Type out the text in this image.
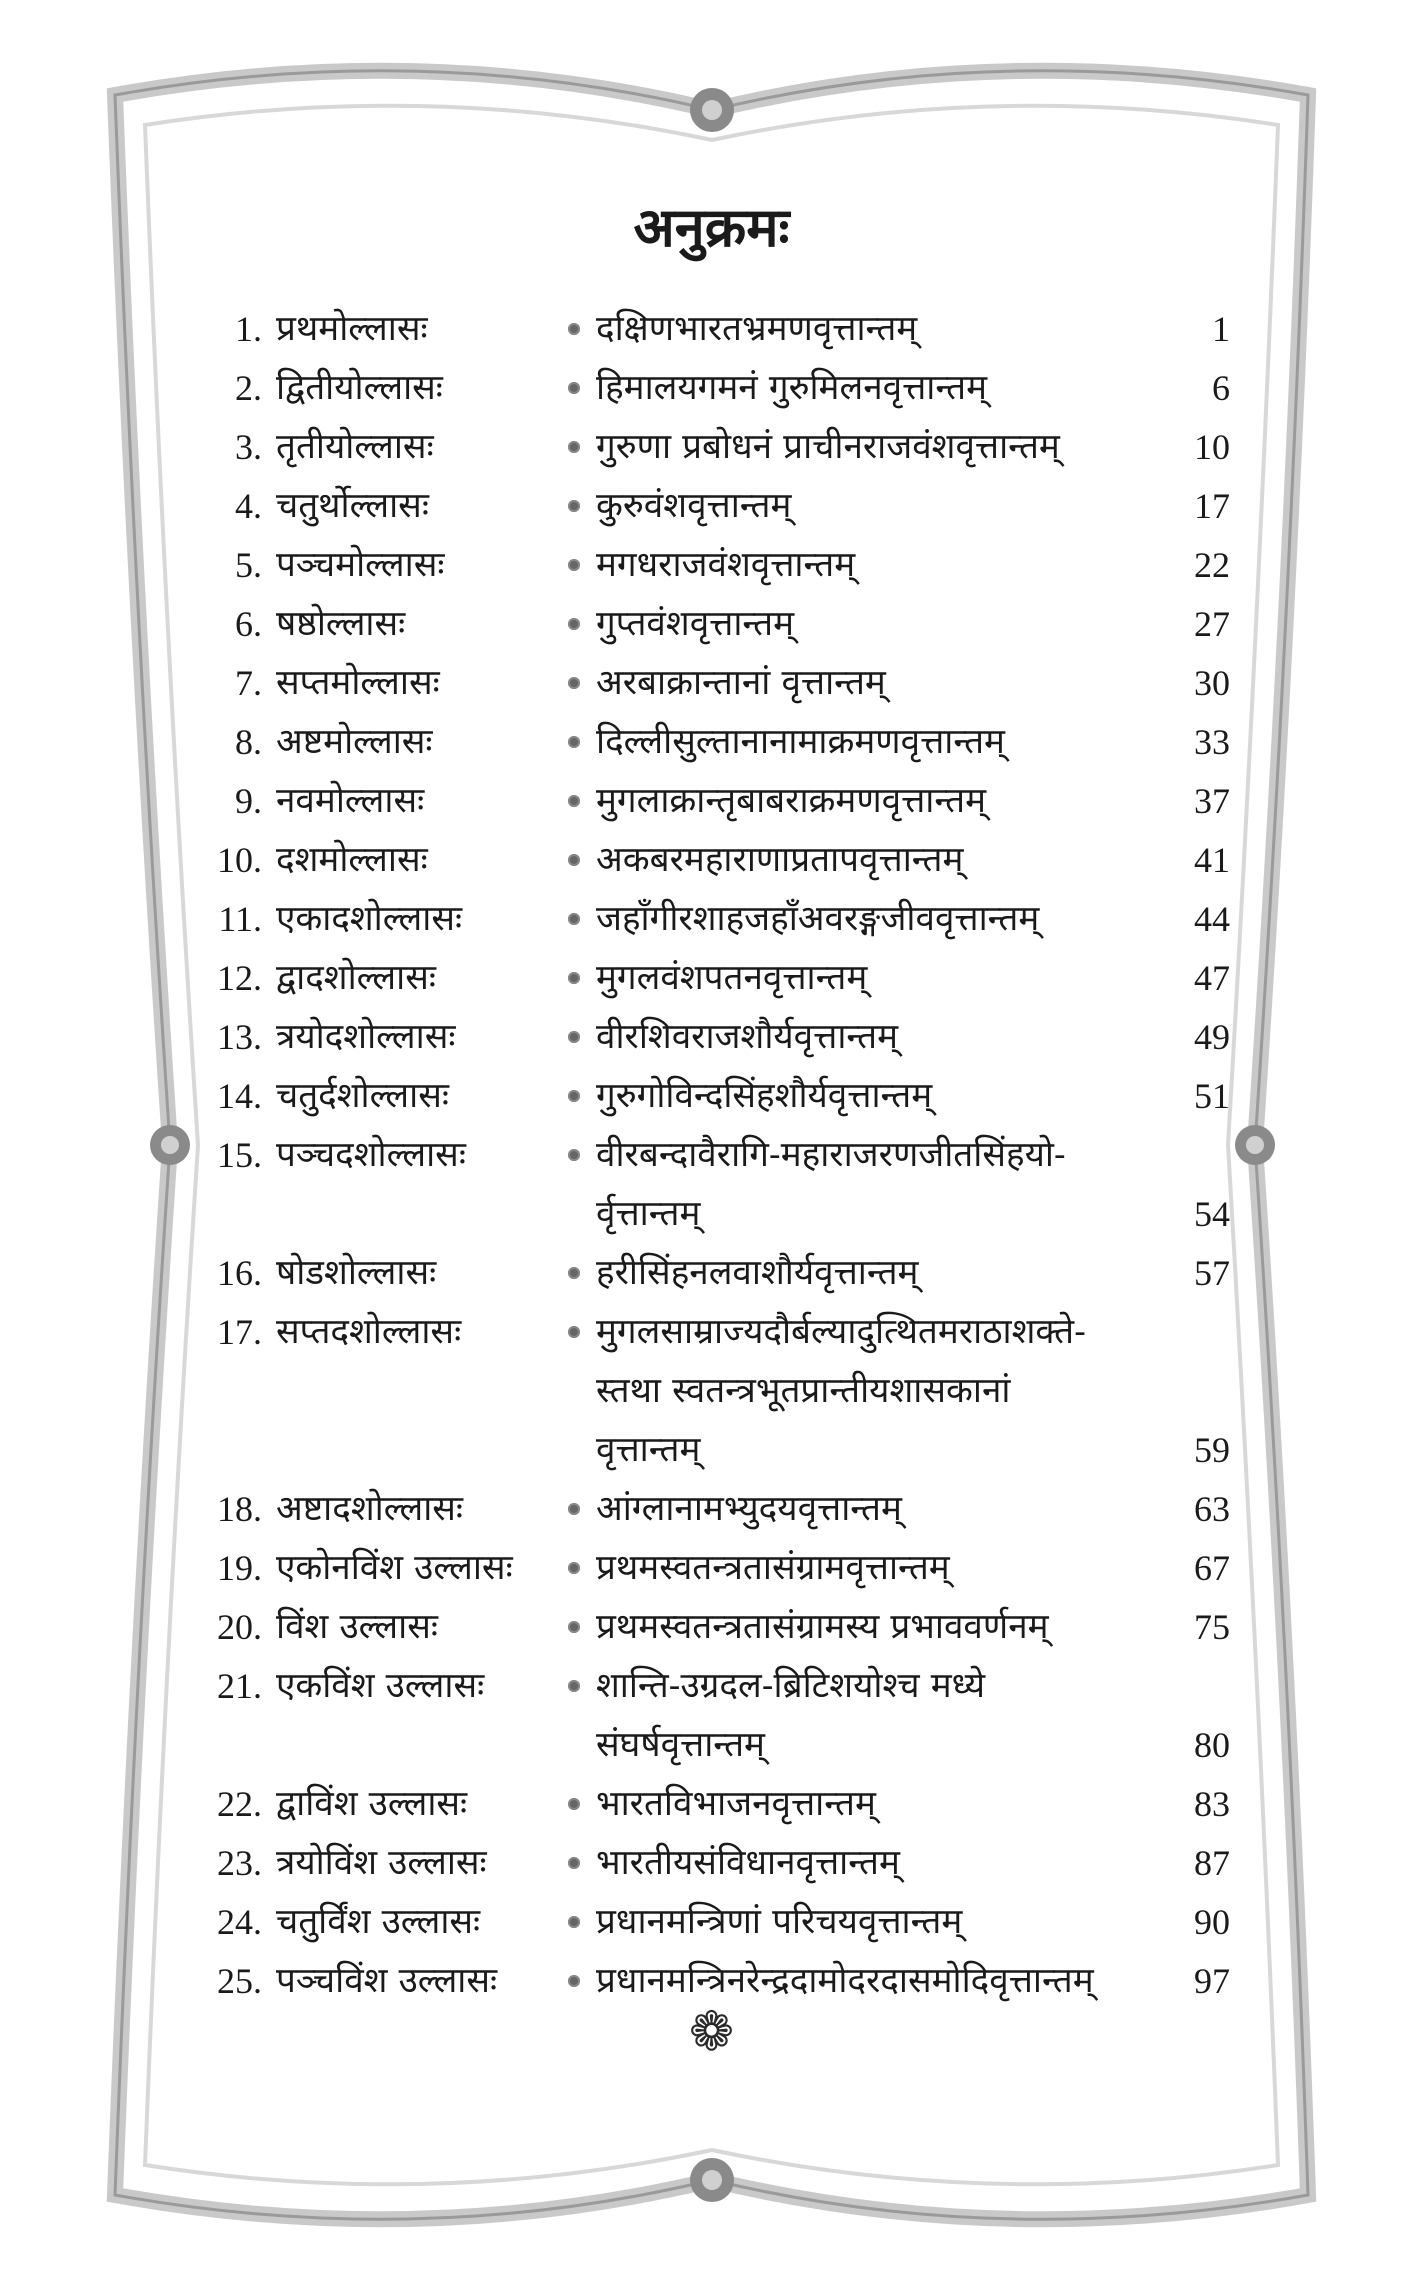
अनुक्रमः
1. प्रथमोल्लासः	दक्षिणभारतभ्रमणवृत्तान्तम्	1
2. द्वितीयोल्लासः	हिमालयगमनं गुरुमिलनवृत्तान्तम्	6
3. तृतीयोल्लासः	गुरुणा प्रबोधनं प्राचीनराजवंशवृत्तान्तम्	10
4. चतुर्थोल्लासः	कुरुवंशवृत्तान्तम्	17
5. पञ्चमोल्लासः	मगधराजवंशवृत्तान्तम्	22
6. षष्ठोल्लासः	गुप्तवंशवृत्तान्तम्	27
7. सप्तमोल्लासः	अरबाक्रान्तानां वृत्तान्तम्	30
8. अष्टमोल्लासः	दिल्लीसुल्तानानामाक्रमणवृत्तान्तम्	33
9. नवमोल्लासः	मुगलाक्रान्तृबाबराक्रमणवृत्तान्तम्	37
10. दशमोल्लासः	अकबरमहाराणाप्रतापवृत्तान्तम्	41
11. एकादशोल्लासः	जहाँगीरशाहजहाँअवरङ्गजीववृत्तान्तम्	44
12. द्वादशोल्लासः	मुगलवंशपतनवृत्तान्तम्	47
13. त्रयोदशोल्लासः	वीरशिवराजशौर्यवृत्तान्तम्	49
14. चतुर्दशोल्लासः	गुरुगोविन्दसिंहशौर्यवृत्तान्तम्	51
15. पञ्चदशोल्लासः	वीरबन्दावैरागि-महाराजरणजीतसिंहयो-
र्वृत्तान्तम्	54
16. षोडशोल्लासः	हरीसिंहनलवाशौर्यवृत्तान्तम्	57
17. सप्तदशोल्लासः	मुगलसाम्राज्यदौर्बल्यादुत्थितमराठाशक्ते-
स्तथा स्वतन्त्रभूतप्रान्तीयशासकानां
वृत्तान्तम्	59
18. अष्टादशोल्लासः	आंग्लानामभ्युदयवृत्तान्तम्	63
19. एकोनविंश उल्लासः प्रथमस्वतन्त्रतासंग्रामवृत्तान्तम्	67
20. विंश उल्लासः	प्रथमस्वतन्त्रतासंग्रामस्य प्रभाववर्णनम्	75
21. एकविंश उल्लासः	शान्ति-उग्रदल-ब्रिटिशयोश्च मध्ये
संघर्षवृत्तान्तम्	80
22. द्वाविंश उल्लासः	भारतविभाजनवृत्तान्तम्	83
23. त्रयोविंश उल्लासः	भारतीयसंविधानवृत्तान्तम्	87
24. चतुर्विंश उल्लासः	प्रधानमन्त्रिणां परिचयवृत्तान्तम्	90
25. पञ्चविंश उल्लासः	प्रधानमन्त्रिनरेन्द्रदामोदरदासमोदिवृत्तान्तम्	97
❁
